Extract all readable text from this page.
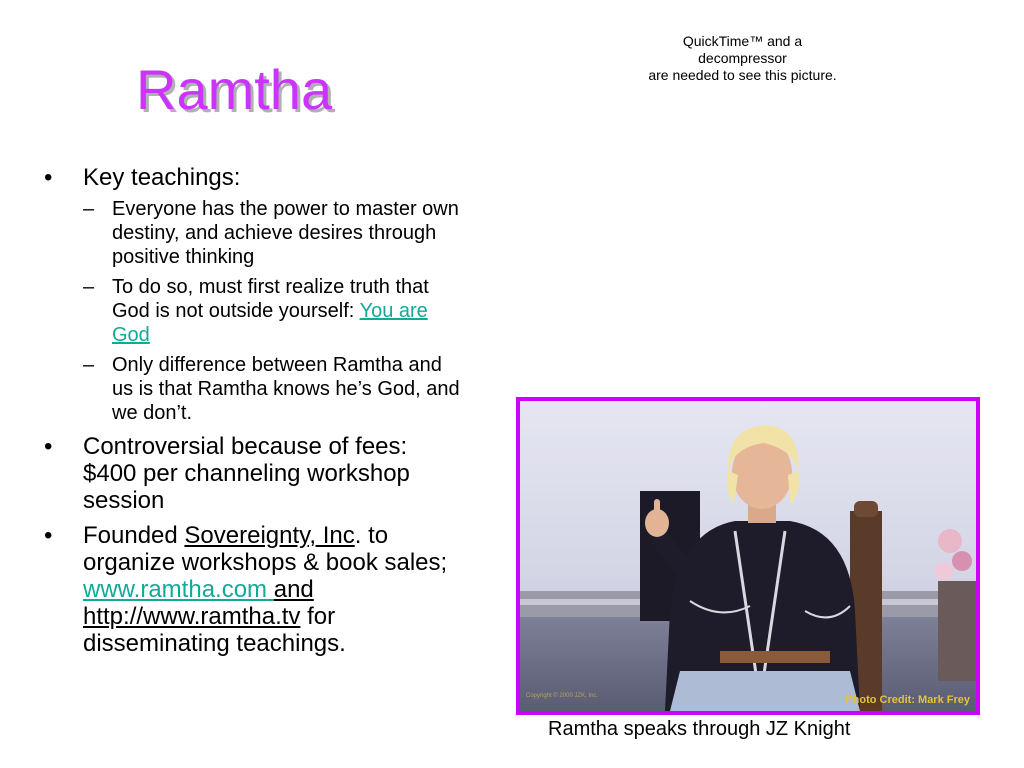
Ramtha
QuickTime™ and a
decompressor
are needed to see this picture.
• Key teachings:
– Everyone has the power to master own destiny, and achieve desires through positive thinking
– To do so, must first realize truth that God is not outside yourself: You are God
– Only difference between Ramtha and us is that Ramtha knows he’s God, and we don’t.
• Controversial because of fees: $400 per channeling workshop session
• Founded Sovereignty, Inc. to organize workshops & book sales; www.ramtha.com and http://www.ramtha.tv for disseminating teachings.
Copyright © 2000 JZK, Inc.	Photo Credit: Mark Frey
Ramtha speaks through JZ Knight
